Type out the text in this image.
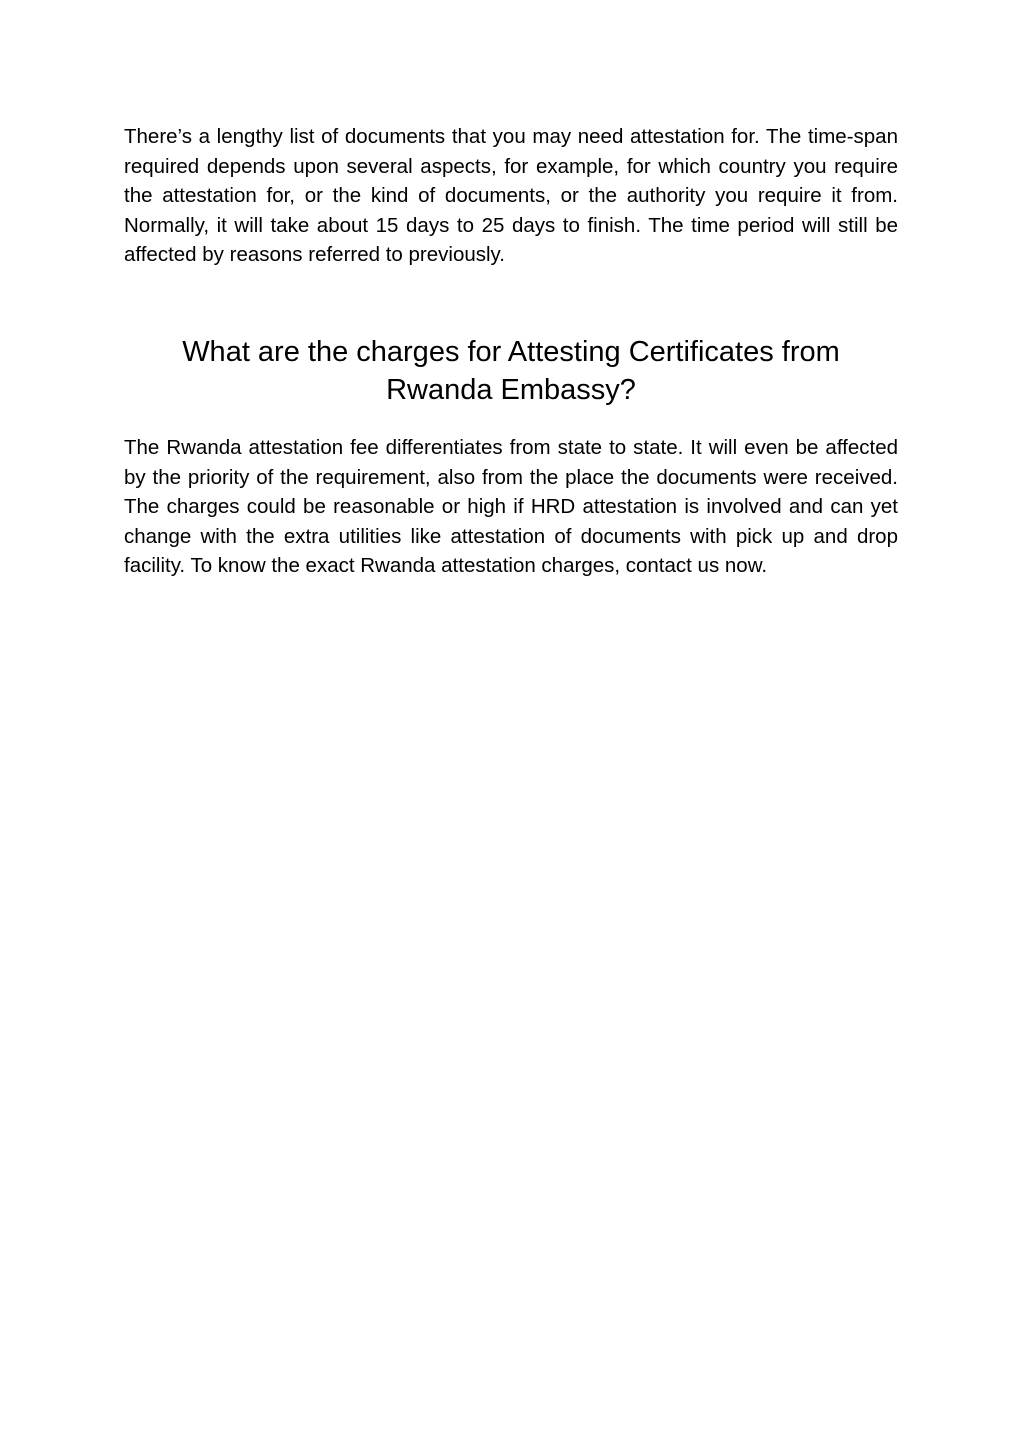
There’s a lengthy list of documents that you may need attestation for. The time-span required depends upon several aspects, for example, for which country you require the attestation for, or the kind of documents, or the authority you require it from. Normally, it will take about 15 days to 25 days to finish. The time period will still be affected by reasons referred to previously.

What are the charges for Attesting Certificates from Rwanda Embassy?

The Rwanda attestation fee differentiates from state to state. It will even be affected by the priority of the requirement, also from the place the documents were received. The charges could be reasonable or high if HRD attestation is involved and can yet change with the extra utilities like attestation of documents with pick up and drop facility. To know the exact Rwanda attestation charges, contact us now.
